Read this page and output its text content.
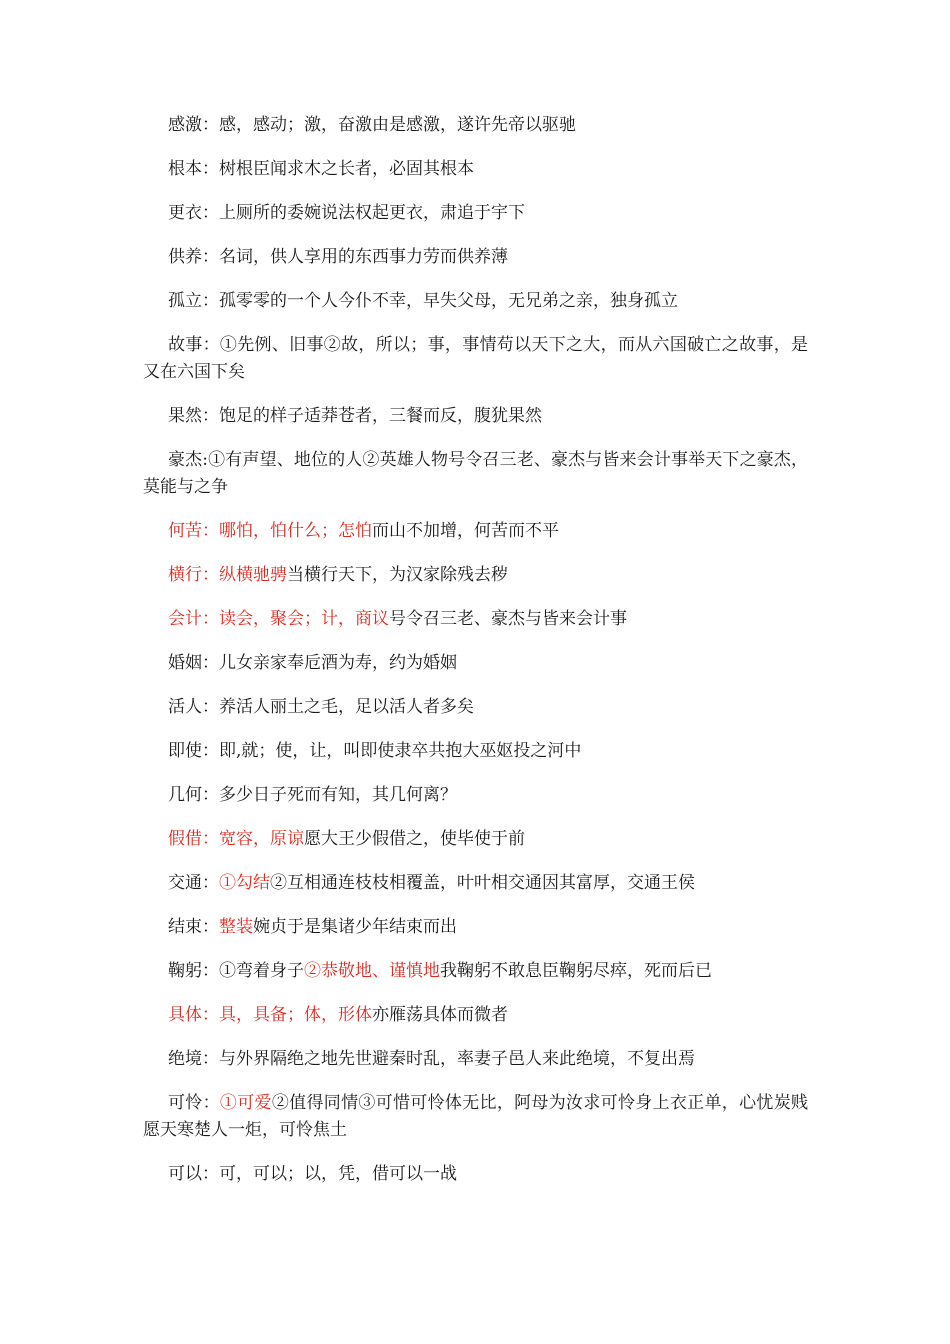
感激：感，感动；激，奋激由是感激，遂许先帝以驱驰

根本：树根臣闻求木之长者，必固其根本

更衣：上厕所的委婉说法权起更衣，肃追于宇下

供养：名词，供人享用的东西事力劳而供养薄

孤立：孤零零的一个人今仆不幸，早失父母，无兄弟之亲，独身孤立

故事：①先例、旧事②故，所以；事，事情苟以天下之大，而从六国破亡之故事，是又在六国下矣

果然：饱足的样子适莽苍者，三餐而反，腹犹果然

豪杰:①有声望、地位的人②英雄人物号令召三老、豪杰与皆来会计事举天下之豪杰，莫能与之争

何苦：哪怕，怕什么；怎怕而山不加增，何苦而不平

横行：纵横驰骋当横行天下，为汉家除残去秽

会计：读会，聚会；计，商议号令召三老、豪杰与皆来会计事

婚姻：儿女亲家奉卮酒为寿，约为婚姻

活人：养活人丽土之毛，足以活人者多矣

即使：即,就；使，让，叫即使隶卒共抱大巫妪投之河中

几何：多少日子死而有知，其几何离？

假借：宽容，原谅愿大王少假借之，使毕使于前

交通：①勾结②互相通连枝枝相覆盖，叶叶相交通因其富厚，交通王侯

结束：整装婉贞于是集诸少年结束而出

鞠躬：①弯着身子②恭敬地、谨慎地我鞠躬不敢息臣鞠躬尽瘁，死而后已

具体：具，具备；体，形体亦雁荡具体而微者

绝境：与外界隔绝之地先世避秦时乱，率妻子邑人来此绝境，不复出焉

可怜：①可爱②值得同情③可惜可怜体无比，阿母为汝求可怜身上衣正单，心忧炭贱愿天寒楚人一炬，可怜焦土

可以：可，可以；以，凭，借可以一战
